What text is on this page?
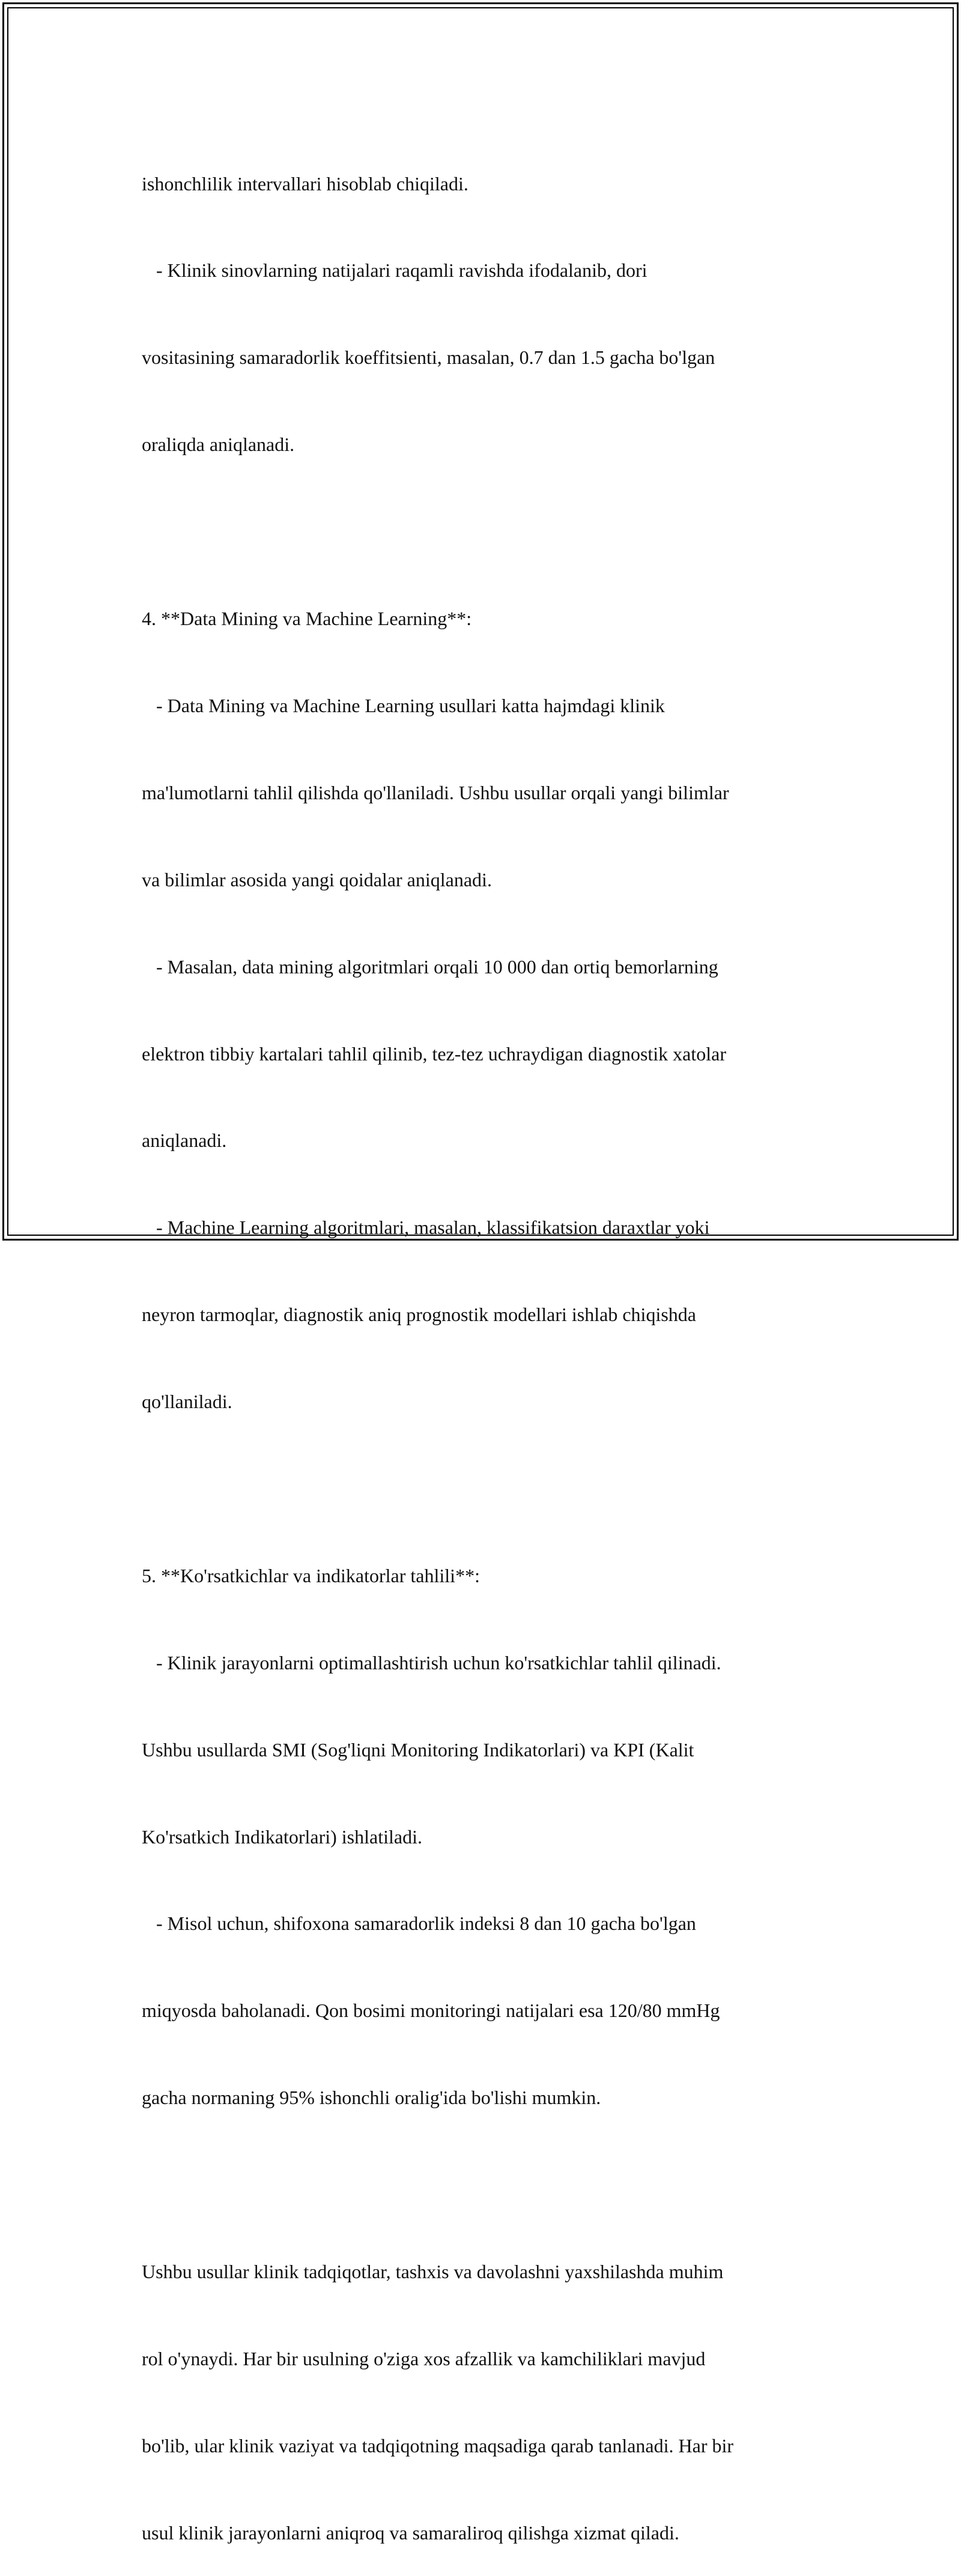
ishonchlilik intervallari hisoblab chiqiladi.

- Klinik sinovlarning natijalari raqamli ravishda ifodalanib, dori

vositasining samaradorlik koeffitsienti, masalan, 0.7 dan 1.5 gacha bo'lgan

oraliqda aniqlanadi.

4. **Data Mining va Machine Learning**:

- Data Mining va Machine Learning usullari katta hajmdagi klinik

ma'lumotlarni tahlil qilishda qo'llaniladi. Ushbu usullar orqali yangi bilimlar

va bilimlar asosida yangi qoidalar aniqlanadi.

- Masalan, data mining algoritmlari orqali 10 000 dan ortiq bemorlarning

elektron tibbiy kartalari tahlil qilinib, tez-tez uchraydigan diagnostik xatolar

aniqlanadi.

- Machine Learning algoritmlari, masalan, klassifikatsion daraxtlar yoki

neyron tarmoqlar, diagnostik aniq prognostik modellari ishlab chiqishda

qo'llaniladi.

5. **Ko'rsatkichlar va indikatorlar tahlili**:

- Klinik jarayonlarni optimallashtirish uchun ko'rsatkichlar tahlil qilinadi.

Ushbu usullarda SMI (Sog'liqni Monitoring Indikatorlari) va KPI (Kalit

Ko'rsatkich Indikatorlari) ishlatiladi.

- Misol uchun, shifoxona samaradorlik indeksi 8 dan 10 gacha bo'lgan

miqyosda baholanadi. Qon bosimi monitoringi natijalari esa 120/80 mmHg

gacha normaning 95% ishonchli oralig'ida bo'lishi mumkin.

Ushbu usullar klinik tadqiqotlar, tashxis va davolashni yaxshilashda muhim

rol o'ynaydi. Har bir usulning o'ziga xos afzallik va kamchiliklari mavjud

bo'lib, ular klinik vaziyat va tadqiqotning maqsadiga qarab tanlanadi. Har bir

usul klinik jarayonlarni aniqroq va samaraliroq qilishga xizmat qiladi.
